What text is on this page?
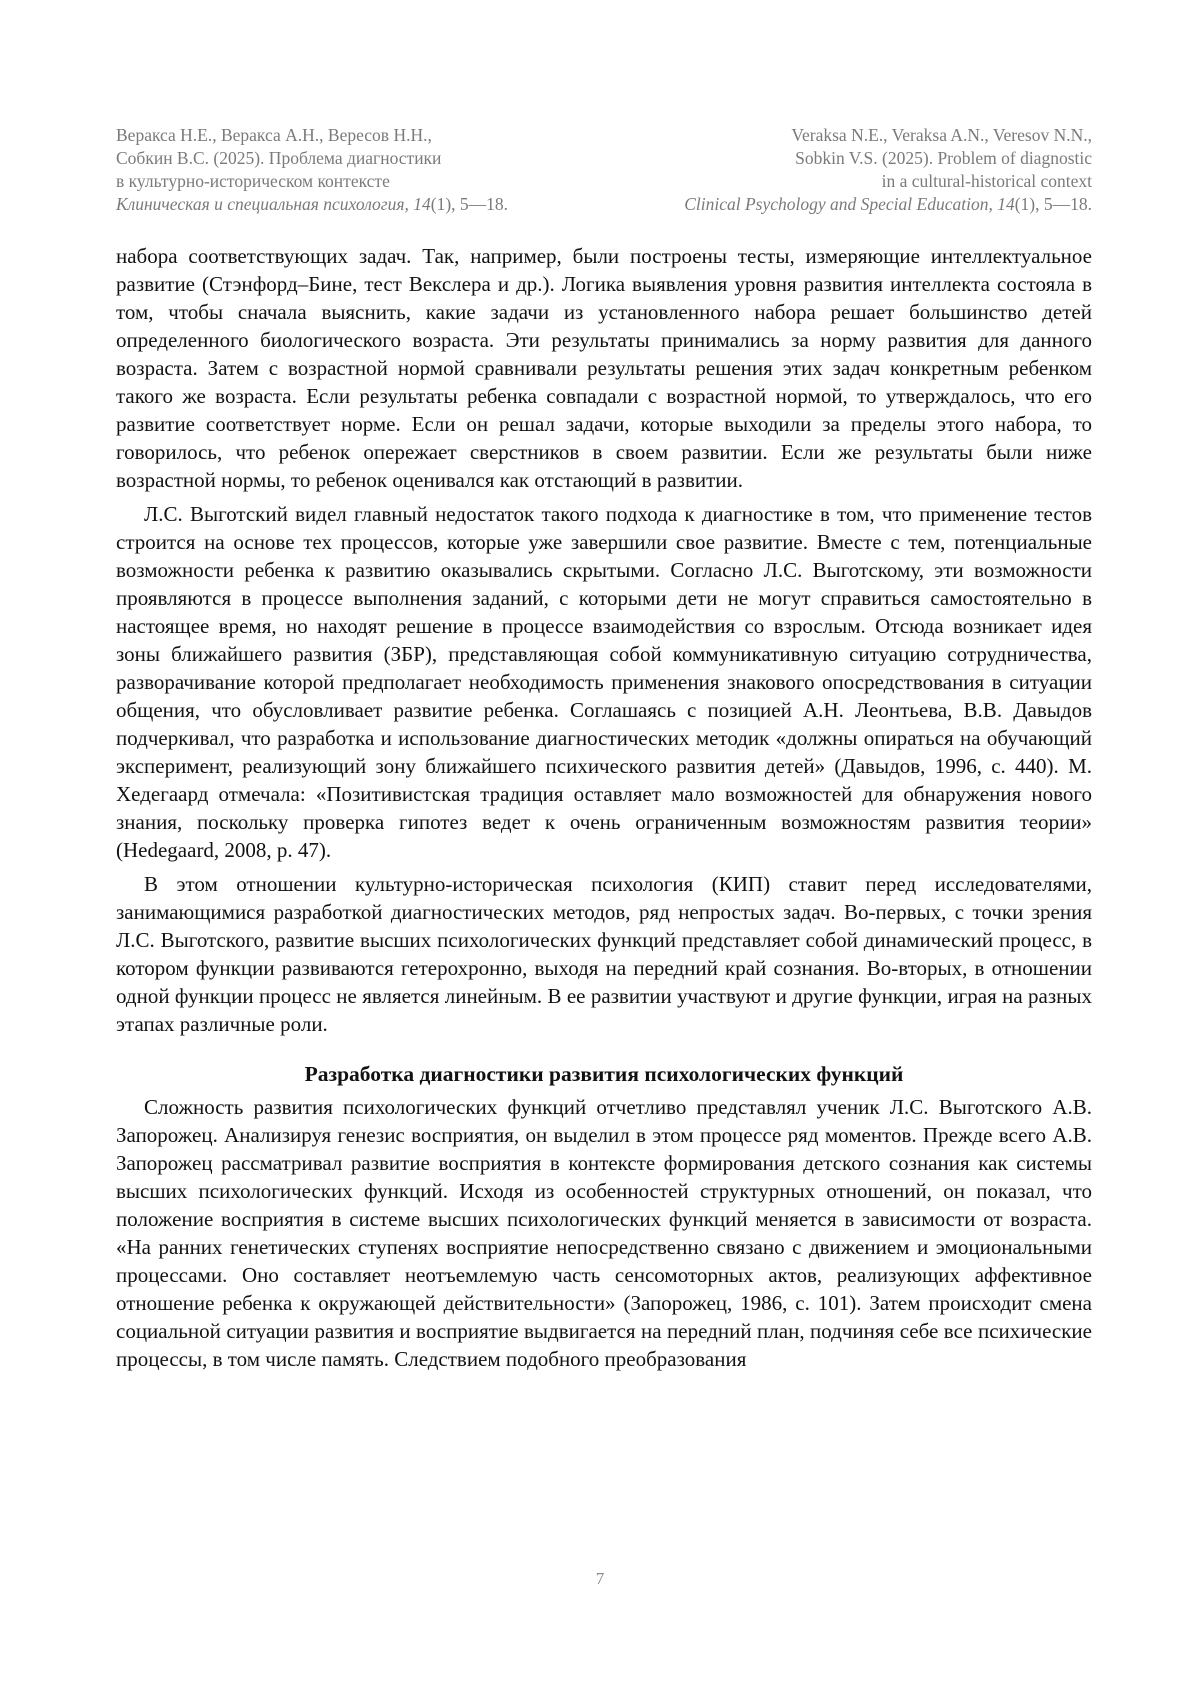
Веракса Н.Е., Веракса А.Н., Вересов Н.Н.,
Собкин В.С. (2025). Проблема диагностики
в культурно-историческом контексте
Клиническая и специальная психология, 14(1), 5—18.
Veraksa N.E., Veraksa A.N., Veresov N.N.,
Sobkin V.S. (2025). Problem of diagnostic
in a cultural-historical context
Clinical Psychology and Special Education, 14(1), 5—18.

набора соответствующих задач. Так, например, были построены тесты, измеряющие интеллектуальное развитие (Стэнфорд–Бине, тест Векслера и др.). Логика выявления уровня развития интеллекта состояла в том, чтобы сначала выяснить, какие задачи из установленного набора решает большинство детей определенного биологического возраста. Эти результаты принимались за норму развития для данного возраста. Затем с возрастной нормой сравнивали результаты решения этих задач конкретным ребенком такого же возраста. Если результаты ребенка совпадали с возрастной нормой, то утверждалось, что его развитие соответствует норме. Если он решал задачи, которые выходили за пределы этого набора, то говорилось, что ребенок опережает сверстников в своем развитии. Если же результаты были ниже возрастной нормы, то ребенок оценивался как отстающий в развитии.

Л.С. Выготский видел главный недостаток такого подхода к диагностике в том, что применение тестов строится на основе тех процессов, которые уже завершили свое развитие. Вместе с тем, потенциальные возможности ребенка к развитию оказывались скрытыми. Согласно Л.С. Выготскому, эти возможности проявляются в процессе выполнения заданий, с которыми дети не могут справиться самостоятельно в настоящее время, но находят решение в процессе взаимодействия со взрослым. Отсюда возникает идея зоны ближайшего развития (ЗБР), представляющая собой коммуникативную ситуацию сотрудничества, разворачивание которой предполагает необходимость применения знакового опосредствования в ситуации общения, что обусловливает развитие ребенка. Соглашаясь с позицией А.Н. Леонтьева, В.В. Давыдов подчеркивал, что разработка и использование диагностических методик «должны опираться на обучающий эксперимент, реализующий зону ближайшего психического развития детей» (Давыдов, 1996, с. 440). М. Хедегаард отмечала: «Позитивистская традиция оставляет мало возможностей для обнаружения нового знания, поскольку проверка гипотез ведет к очень ограниченным возможностям развития теории» (Hedegaard, 2008, p. 47).

В этом отношении культурно-историческая психология (КИП) ставит перед исследователями, занимающимися разработкой диагностических методов, ряд непростых задач. Во-первых, с точки зрения Л.С. Выготского, развитие высших психологических функций представляет собой динамический процесс, в котором функции развиваются гетерохронно, выходя на передний край сознания. Во-вторых, в отношении одной функции процесс не является линейным. В ее развитии участвуют и другие функции, играя на разных этапах различные роли.

Разработка диагностики развития психологических функций

Сложность развития психологических функций отчетливо представлял ученик Л.С. Выготского А.В. Запорожец. Анализируя генезис восприятия, он выделил в этом процессе ряд моментов. Прежде всего А.В. Запорожец рассматривал развитие восприятия в контексте формирования детского сознания как системы высших психологических функций. Исходя из особенностей структурных отношений, он показал, что положение восприятия в системе высших психологических функций меняется в зависимости от возраста. «На ранних генетических ступенях восприятие непосредственно связано с движением и эмоциональными процессами. Оно составляет неотъемлемую часть сенсомоторных актов, реализующих аффективное отношение ребенка к окружающей действительности» (Запорожец, 1986, с. 101). Затем происходит смена социальной ситуации развития и восприятие выдвигается на передний план, подчиняя себе все психические процессы, в том числе память. Следствием подобного преобразования

7
